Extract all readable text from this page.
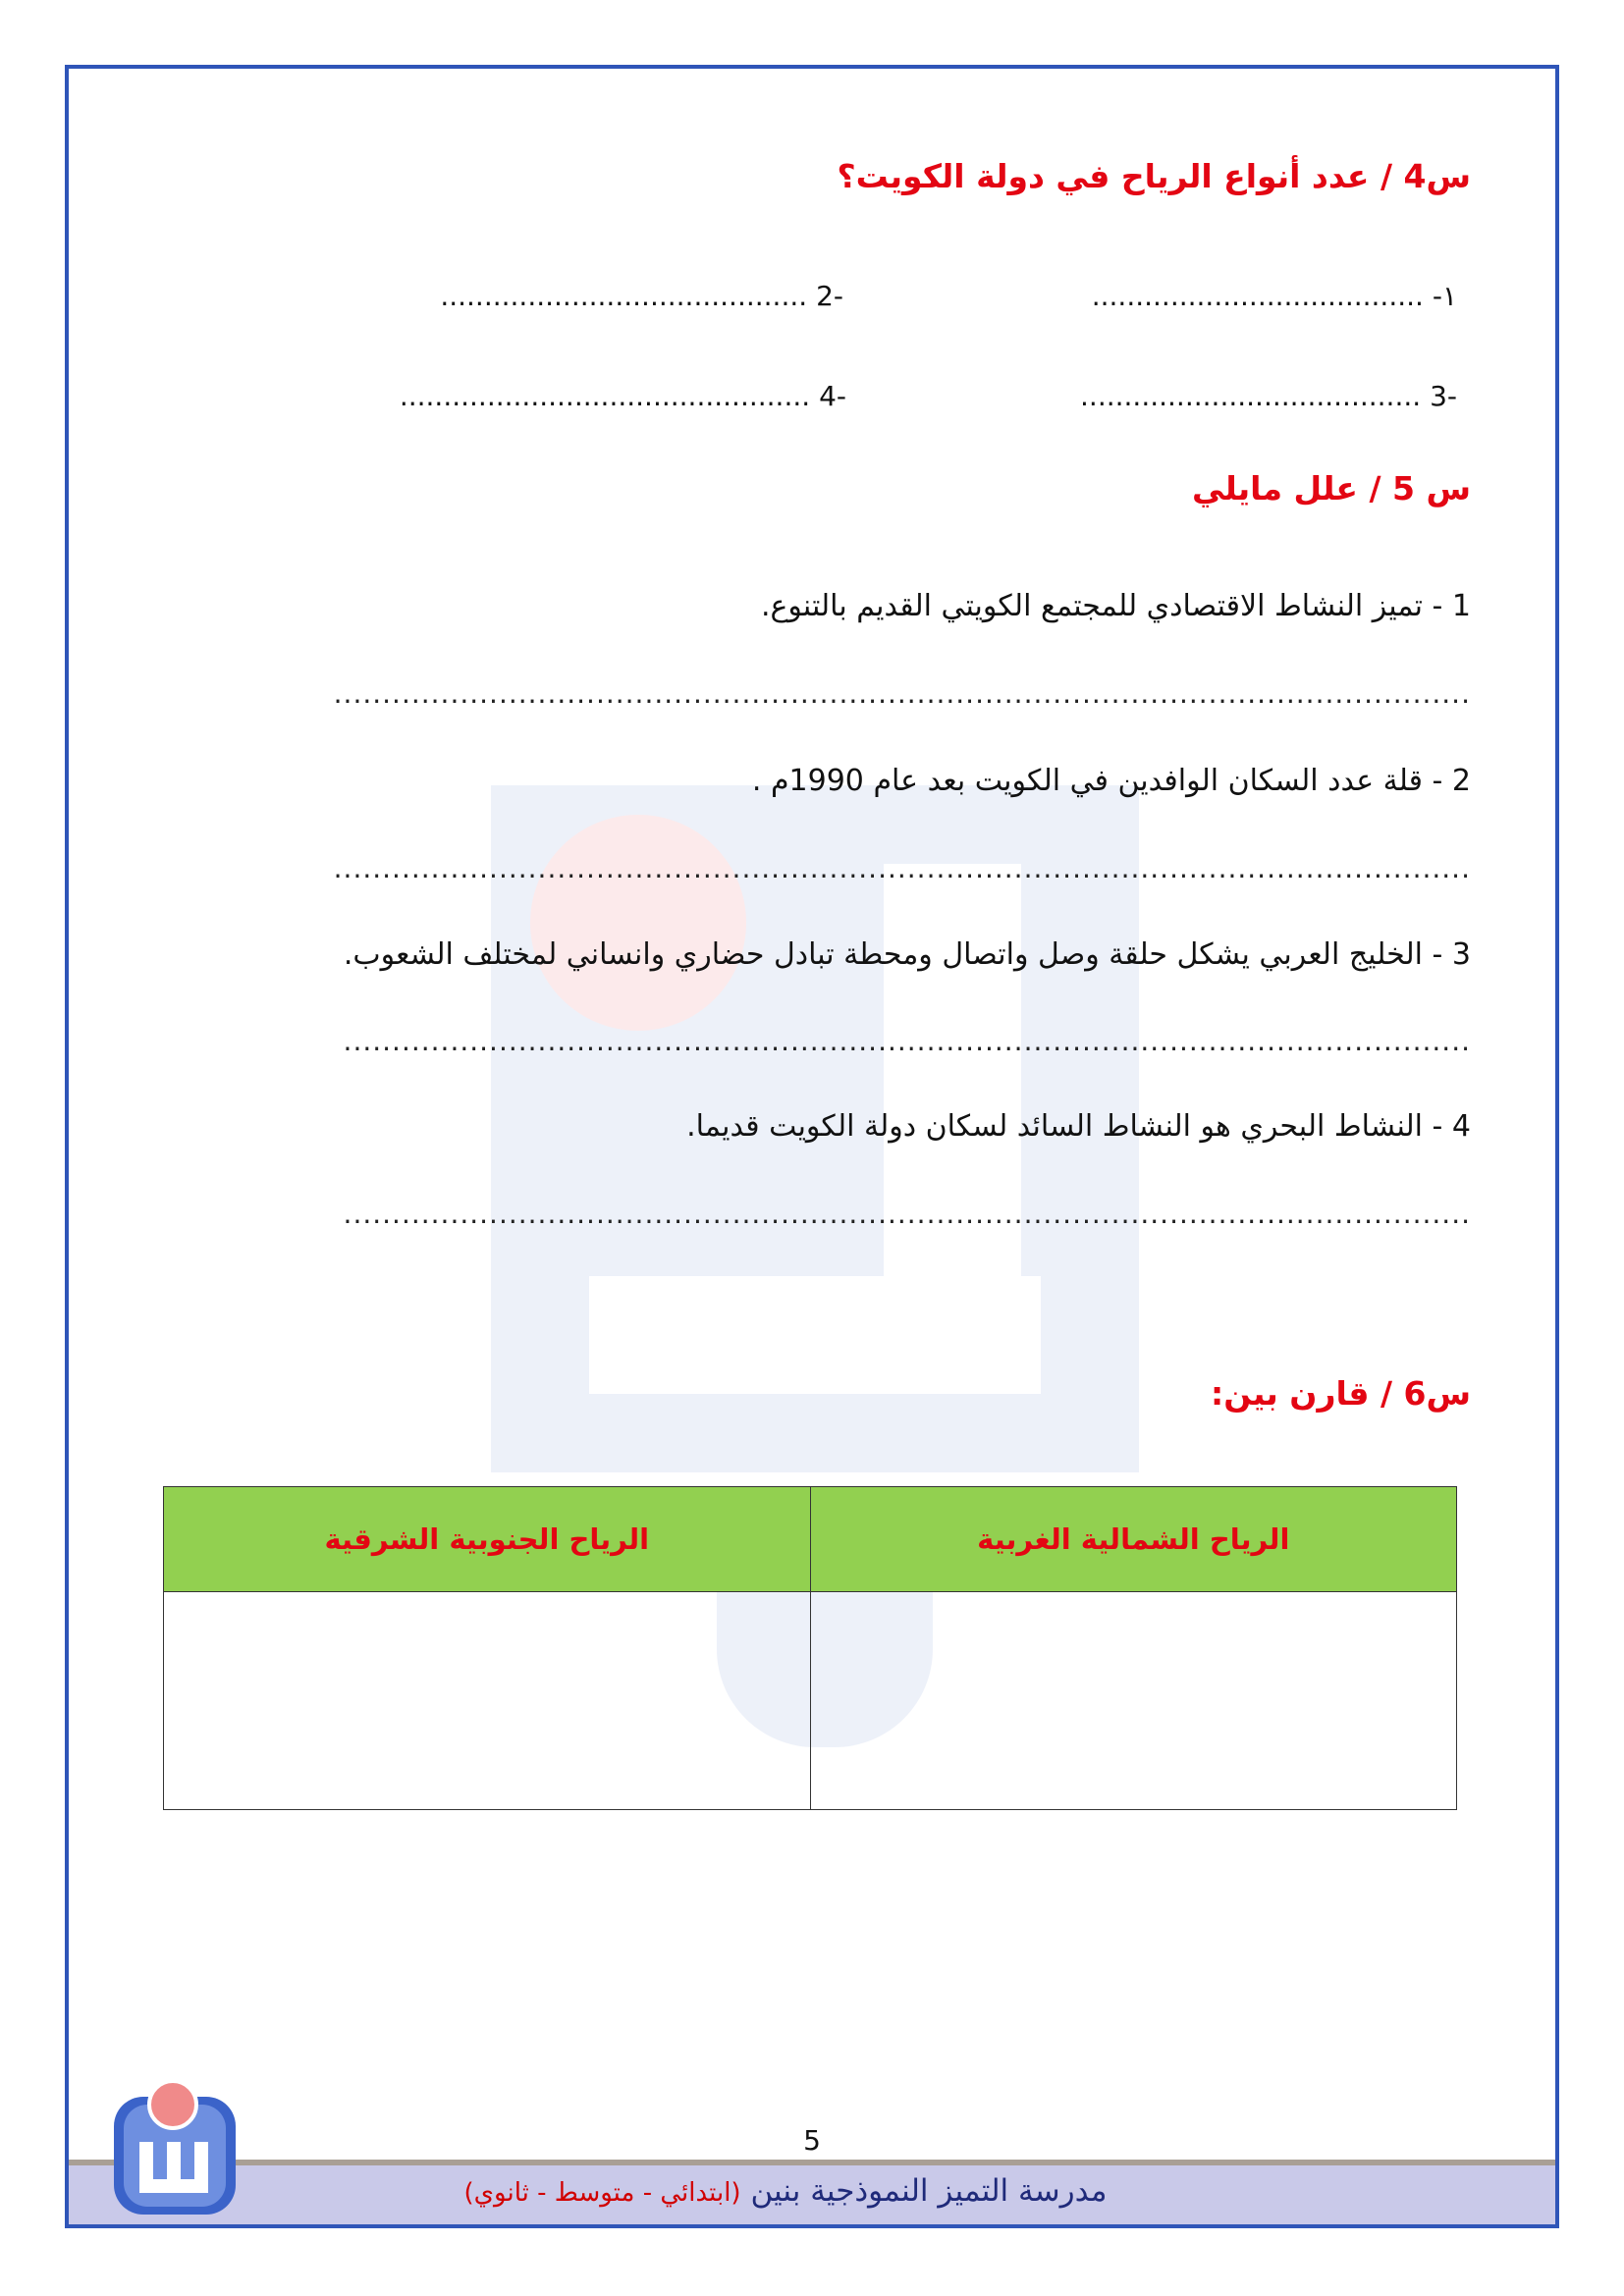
س4 / عدد أنواع الرياح في دولة الكويت؟
١- ......................................
-2 ..........................................
-3 .......................................
-4 ...............................................
س 5 / علل مايلي
1 - تميز النشاط الاقتصادي للمجتمع الكويتي القديم بالتنوع.
.....................................................................................................................
2 - قلة عدد السكان الوافدين في الكويت بعد عام 1990م .
.....................................................................................................................
3 - الخليج العربي يشكل حلقة وصل واتصال ومحطة تبادل حضاري وانساني لمختلف الشعوب.
....................................................................................................................
4 - النشاط البحري هو النشاط السائد لسكان دولة الكويت قديما.
....................................................................................................................
س6 / قارن بين:
الرياح الشمالية الغربية	الرياح الجنوبية الشرقية

5
مدرسة التميز النموذجية بنين (ابتدائي - متوسط - ثانوي)
